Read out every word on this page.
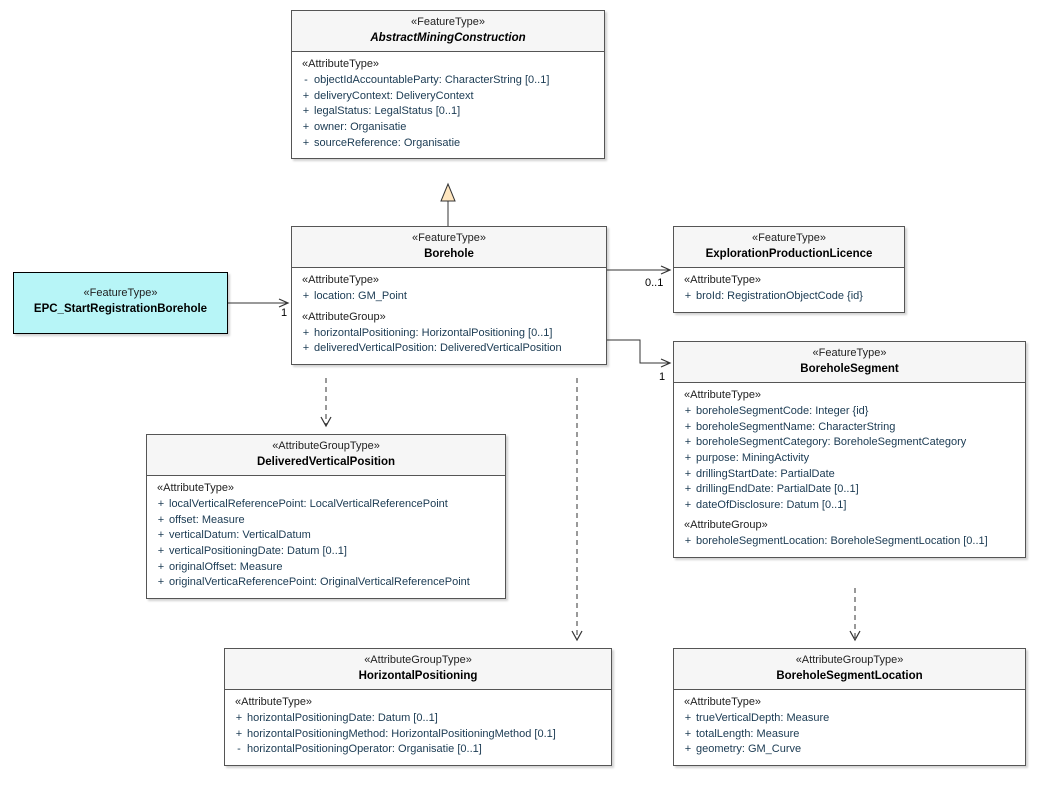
«FeatureType»
AbstractMiningConstruction
«AttributeType»
- objectIdAccountableParty: CharacterString [0..1]
+ deliveryContext: DeliveryContext
+ legalStatus: LegalStatus [0..1]
+ owner: Organisatie
+ sourceReference: Organisatie
«FeatureType»
Borehole
«AttributeType»
+ location: GM_Point
«AttributeGroup»
+ horizontalPositioning: HorizontalPositioning [0..1]
+ deliveredVerticalPosition: DeliveredVerticalPosition
«FeatureType»
EPC_StartRegistrationBorehole
«FeatureType»
ExplorationProductionLicence
«AttributeType»
+ broId: RegistrationObjectCode {id}
«FeatureType»
BoreholeSegment
«AttributeType»
+ boreholeSegmentCode: Integer {id}
+ boreholeSegmentName: CharacterString
+ boreholeSegmentCategory: BoreholeSegmentCategory
+ purpose: MiningActivity
+ drillingStartDate: PartialDate
+ drillingEndDate: PartialDate [0..1]
+ dateOfDisclosure: Datum [0..1]
«AttributeGroup»
+ boreholeSegmentLocation: BoreholeSegmentLocation [0..1]
«AttributeGroupType»
DeliveredVerticalPosition
«AttributeType»
+ localVerticalReferencePoint: LocalVerticalReferencePoint
+ offset: Measure
+ verticalDatum: VerticalDatum
+ verticalPositioningDate: Datum [0..1]
+ originalOffset: Measure
+ originalVerticaReferencePoint: OriginalVerticalReferencePoint
«AttributeGroupType»
HorizontalPositioning
«AttributeType»
+ horizontalPositioningDate: Datum [0..1]
+ horizontalPositioningMethod: HorizontalPositioningMethod [0.1]
- horizontalPositioningOperator: Organisatie [0..1]
«AttributeGroupType»
BoreholeSegmentLocation
«AttributeType»
+ trueVerticalDepth: Measure
+ totalLength: Measure
+ geometry: GM_Curve
1
0..1
1
